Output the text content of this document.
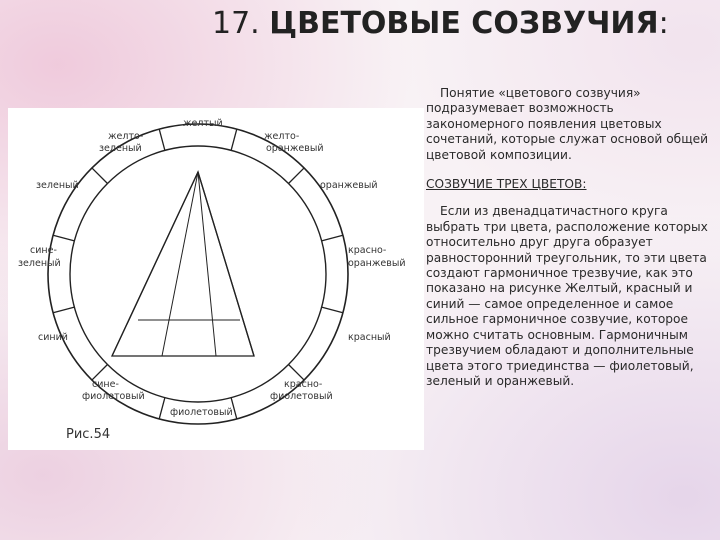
17. ЦВЕТОВЫЕ СОЗВУЧИЯ:
желтый
желто-
зеленый
желто-
оранжевый
зеленый	оранжевый
сине-
зеленый
красно-
оранжевый
синий	красный
сине-
фиолетовый
красно-
фиолетовый
фиолетовый
Рис.54

Понятие «цветового созвучия» подразумевает возможность закономерного появления цветовых сочетаний, которые служат основой общей цветовой композиции.

СОЗВУЧИЕ ТРЕХ ЦВЕТОВ:

Если из двенадцатичастного круга выбрать три цвета, расположение которых относительно друг друга образует равносторонний треугольник, то эти цвета создают гармоничное трезвучие, как это показано на рисунке Желтый, красный и синий — самое определенное и самое сильное гармоничное созвучие, которое можно считать основным. Гармоничным трезвучием обладают и дополнительные цвета этого триединства — фиолетовый, зеленый и оранжевый.
